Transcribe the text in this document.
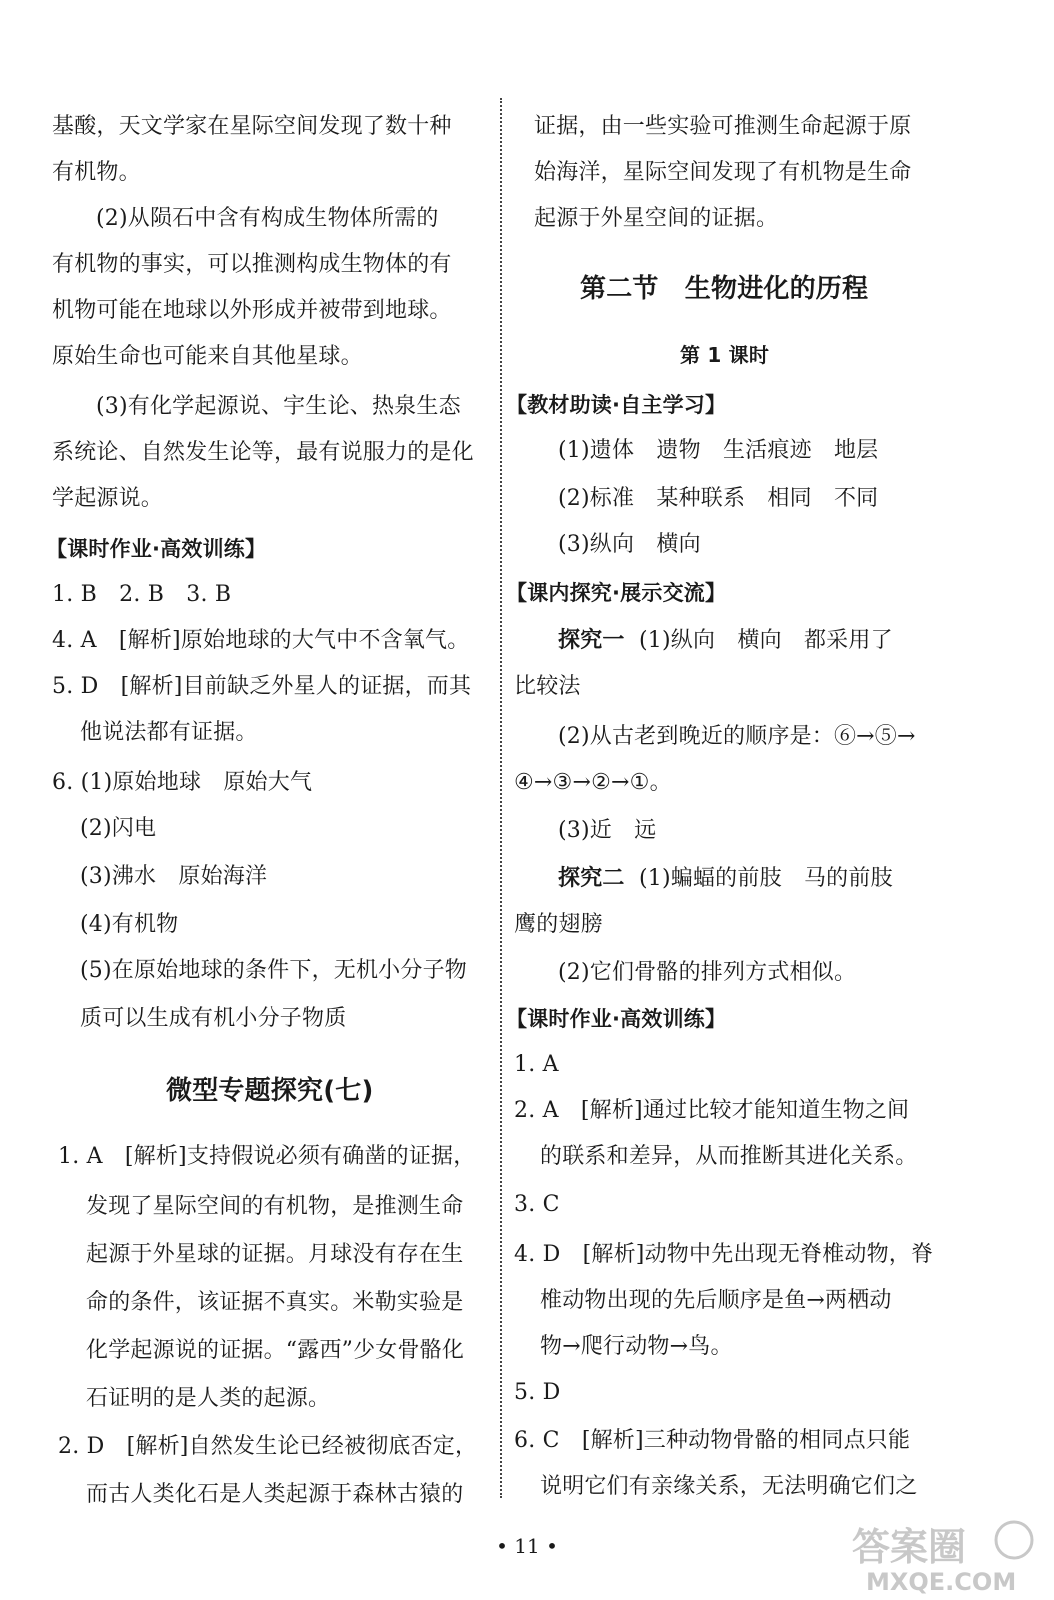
基酸，天文学家在星际空间发现了数十种
有机物。
(2)从陨石中含有构成生物体所需的
有机物的事实，可以推测构成生物体的有
机物可能在地球以外形成并被带到地球。
原始生命也可能来自其他星球。
(3)有化学起源说、宇生论、热泉生态
系统论、自然发生论等，最有说服力的是化
学起源说。
【课时作业·高效训练】
1. B　2. B　3. B
4. A　[解析]原始地球的大气中不含氧气。
5. D　[解析]目前缺乏外星人的证据，而其
他说法都有证据。
6. (1)原始地球　原始大气
(2)闪电
(3)沸水　原始海洋
(4)有机物
(5)在原始地球的条件下，无机小分子物
质可以生成有机小分子物质
微型专题探究(七)
1. A　[解析]支持假说必须有确凿的证据，
发现了星际空间的有机物，是推测生命
起源于外星球的证据。月球没有存在生
命的条件，该证据不真实。米勒实验是
化学起源说的证据。“露西”少女骨骼化
石证明的是人类的起源。
2. D　[解析]自然发生论已经被彻底否定，
而古人类化石是人类起源于森林古猿的
证据，由一些实验可推测生命起源于原
始海洋，星际空间发现了有机物是生命
起源于外星空间的证据。
第二节　生物进化的历程
第 1 课时
【教材助读·自主学习】
(1)遗体　遗物　生活痕迹　地层
(2)标准　某种联系　相同　不同
(3)纵向　横向
【课内探究·展示交流】
探究一 (1)纵向　横向　都采用了
比较法
(2)从古老到晚近的顺序是：⑥→⑤→
④→③→②→①。
(3)近　远
探究二 (1)蝙蝠的前肢　马的前肢
鹰的翅膀
(2)它们骨骼的排列方式相似。
【课时作业·高效训练】
1. A
2. A　[解析]通过比较才能知道生物之间
的联系和差异，从而推断其进化关系。
3. C
4. D　[解析]动物中先出现无脊椎动物，脊
椎动物出现的先后顺序是鱼→两栖动
物→爬行动物→鸟。
5. D
6. C　[解析]三种动物骨骼的相同点只能
说明它们有亲缘关系，无法明确它们之
• 11 •	答案圈
MXQE.COM
